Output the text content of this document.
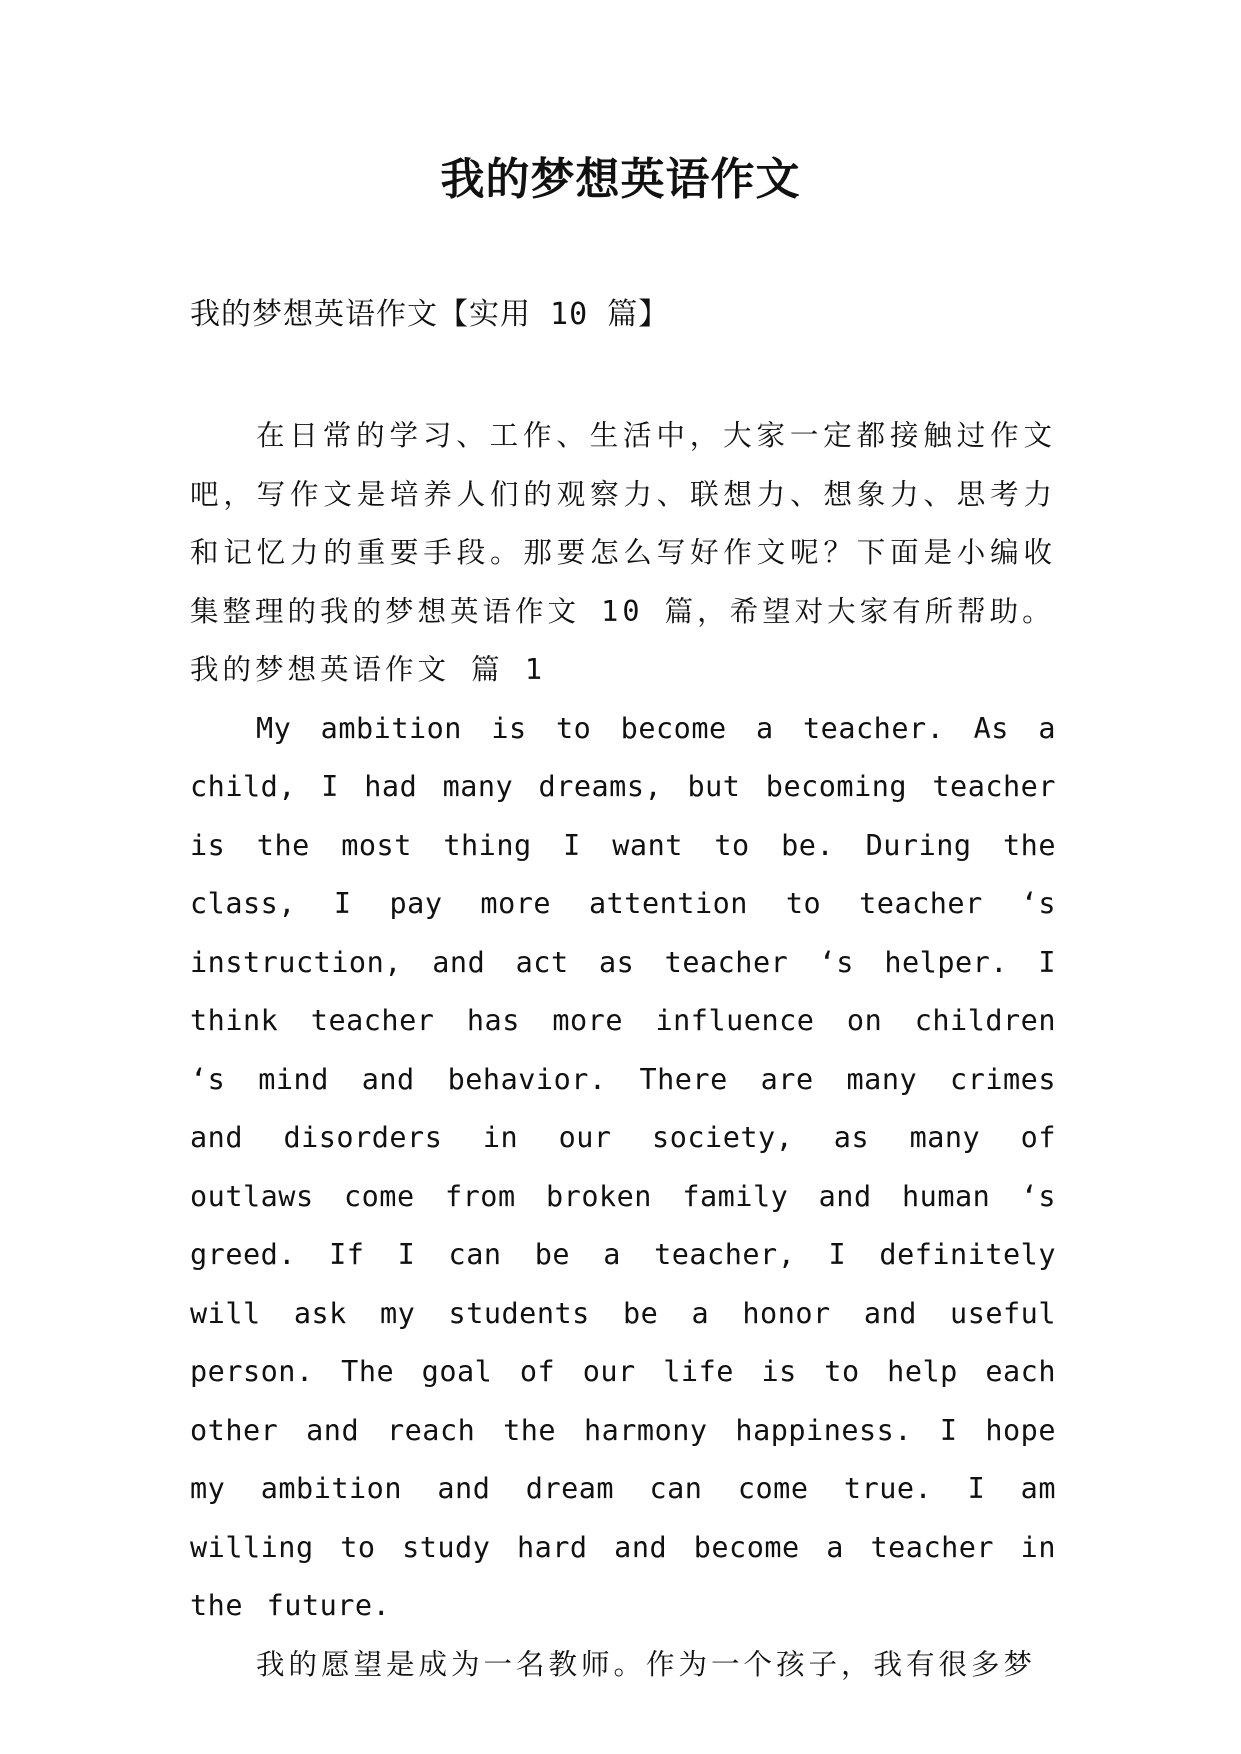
我的梦想英语作文

我的梦想英语作文【实用 10 篇】

在日常的学习、工作、生活中，大家一定都接触过作文吧，写作文是培养人们的观察力、联想力、想象力、思考力和记忆力的重要手段。那要怎么写好作文呢？下面是小编收集整理的我的梦想英语作文 10 篇，希望对大家有所帮助。

我的梦想英语作文 篇 1

My ambition is to become a teacher. As a child, I had many dreams, but becoming teacher is the most thing I want to be. During the class, I pay more attention to teacher ‘s instruction, and act as teacher ‘s helper. I think teacher has more influence on children ‘s mind and behavior. There are many crimes and disorders in our society, as many of outlaws come from broken family and human ‘s greed. If I can be a teacher, I definitely will ask my students be a honor and useful person. The goal of our life is to help each other and reach the harmony happiness. I hope my ambition and dream can come true. I am willing to study hard and become a teacher in the future.

我的愿望是成为一名教师。作为一个孩子，我有很多梦
